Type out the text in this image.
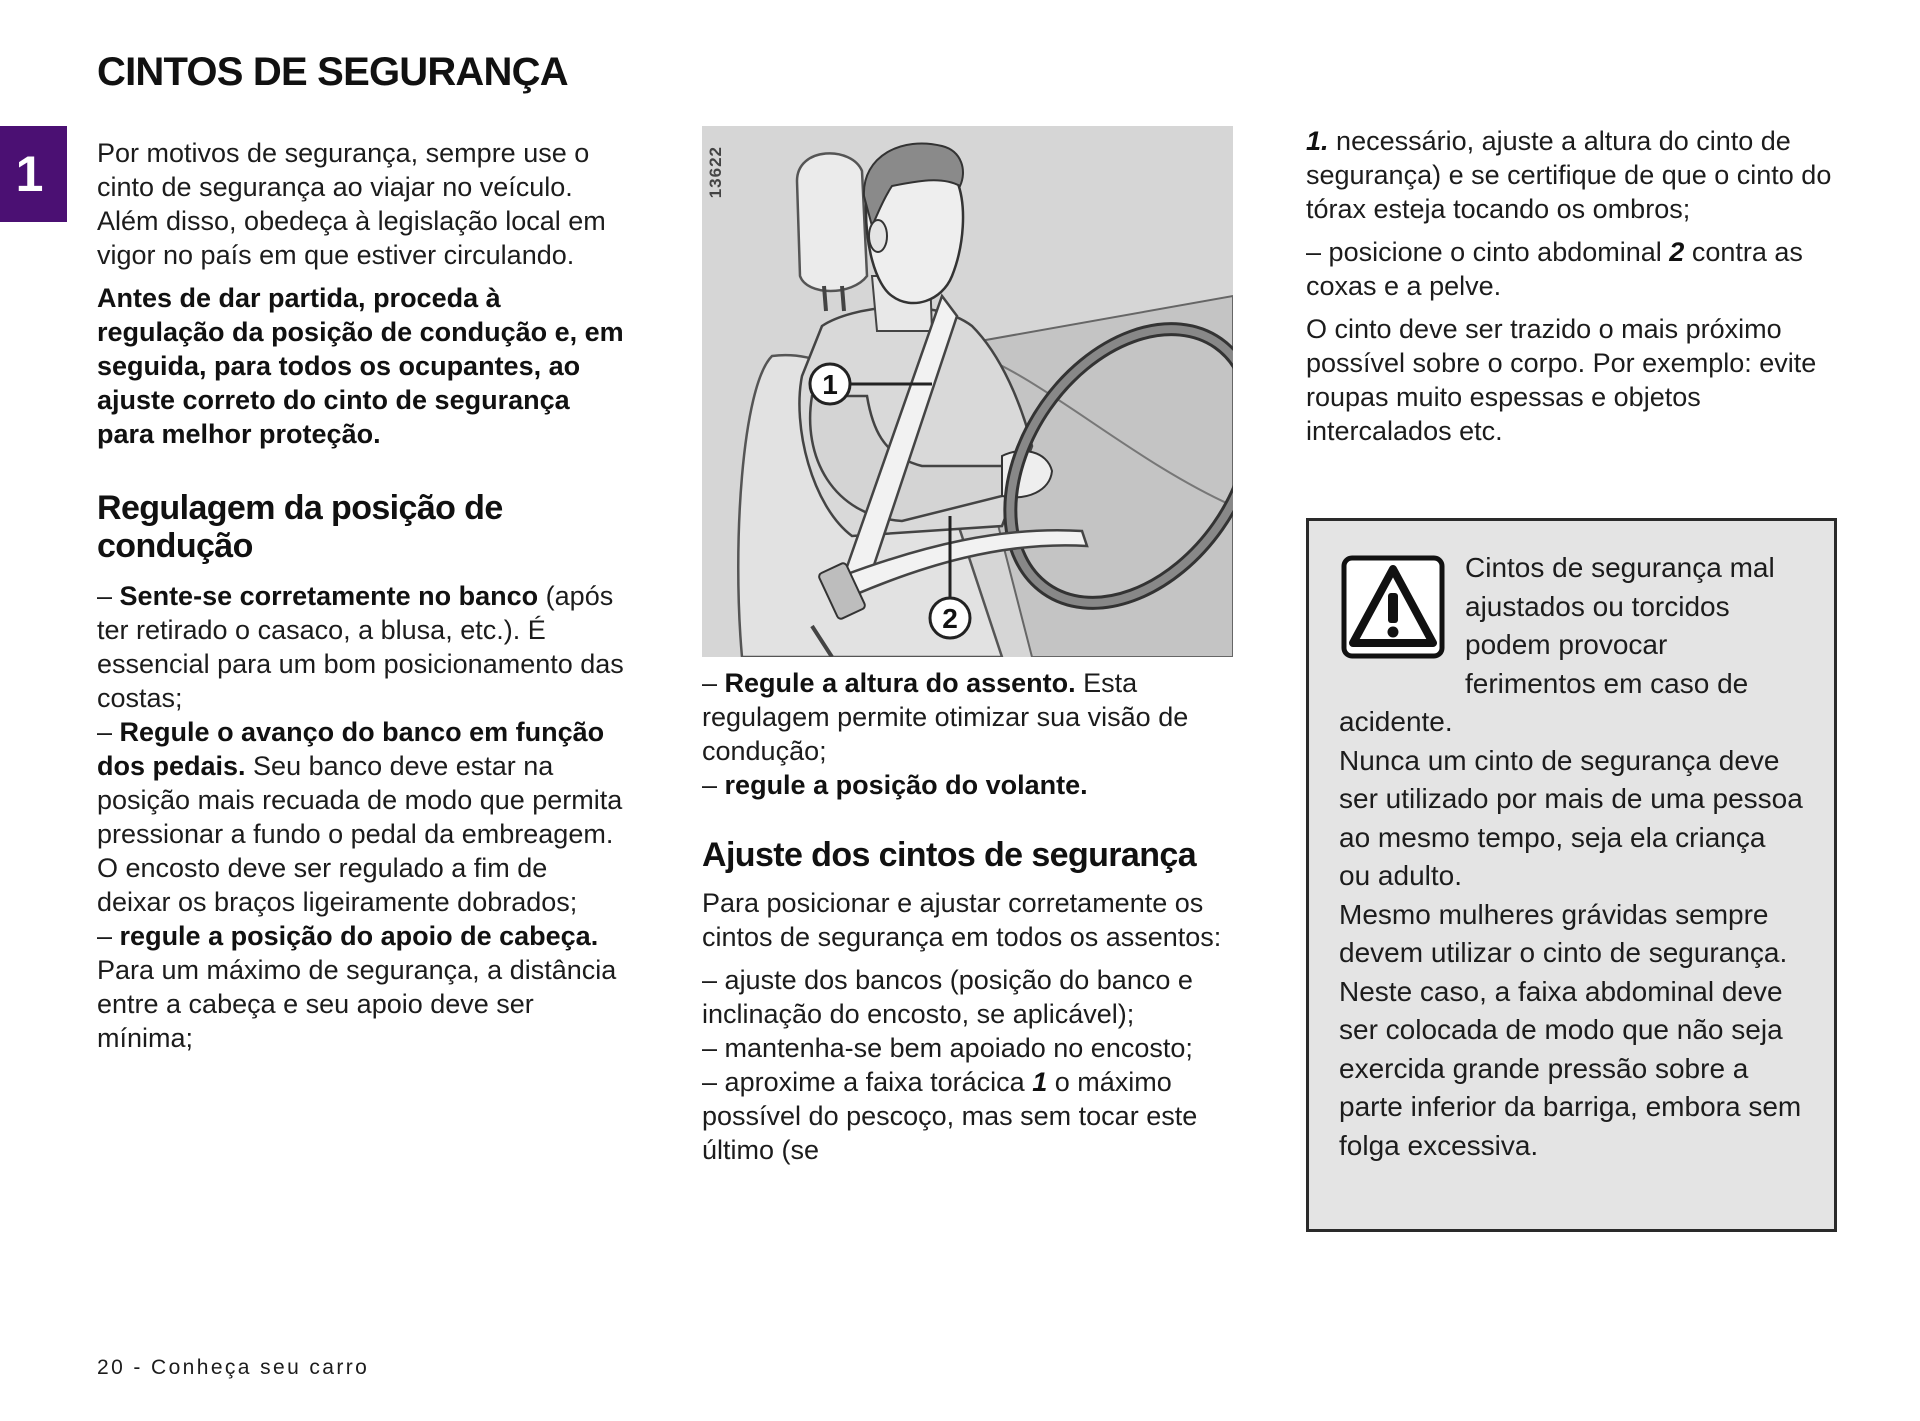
1
CINTOS DE SEGURANÇA

Por motivos de segurança, sempre use o cinto de segurança ao viajar no veículo. Além disso, obedeça à legislação local em vigor no país em que estiver circulando.

Antes de dar partida, proceda à regulação da posição de condução e, em seguida, para todos os ocupantes, ao ajuste correto do cinto de segurança para melhor proteção.

Regulagem da posição de condução

– Sente-se corretamente no banco (após ter retirado o casaco, a blusa, etc.). É essencial para um bom posicionamento das costas;

– Regule o avanço do banco em função dos pedais. Seu banco deve estar na posição mais recuada de modo que permita pressionar a fundo o pedal da embreagem. O encosto deve ser regulado a fim de deixar os braços ligeiramente dobrados;

– regule a posição do apoio de cabeça. Para um máximo de segurança, a distância entre a cabeça e seu apoio deve ser mínima;

1
2
13622

– Regule a altura do assento. Esta regulagem permite otimizar sua visão de condução;

– regule a posição do volante.

Ajuste dos cintos de segurança

Para posicionar e ajustar corretamente os cintos de segurança em todos os assentos:

– ajuste dos bancos (posição do banco e inclinação do encosto, se aplicável);

– mantenha-se bem apoiado no encosto;

– aproxime a faixa torácica 1 o máximo possível do pescoço, mas sem tocar este último (se

1. necessário, ajuste a altura do cinto de segurança) e se certifique de que o cinto do tórax esteja tocando os ombros;

– posicione o cinto abdominal 2 contra as coxas e a pelve.

O cinto deve ser trazido o mais próximo possível sobre o corpo. Por exemplo: evite roupas muito espessas e objetos intercalados etc.

Cintos de segurança mal ajustados ou torcidos podem provocar ferimentos em caso de acidente.

Nunca um cinto de segurança deve ser utilizado por mais de uma pessoa ao mesmo tempo, seja ela criança ou adulto.

Mesmo mulheres grávidas sempre devem utilizar o cinto de segurança. Neste caso, a faixa abdominal deve ser colocada de modo que não seja exercida grande pressão sobre a parte inferior da barriga, embora sem folga excessiva.

20 - Conheça seu carro
